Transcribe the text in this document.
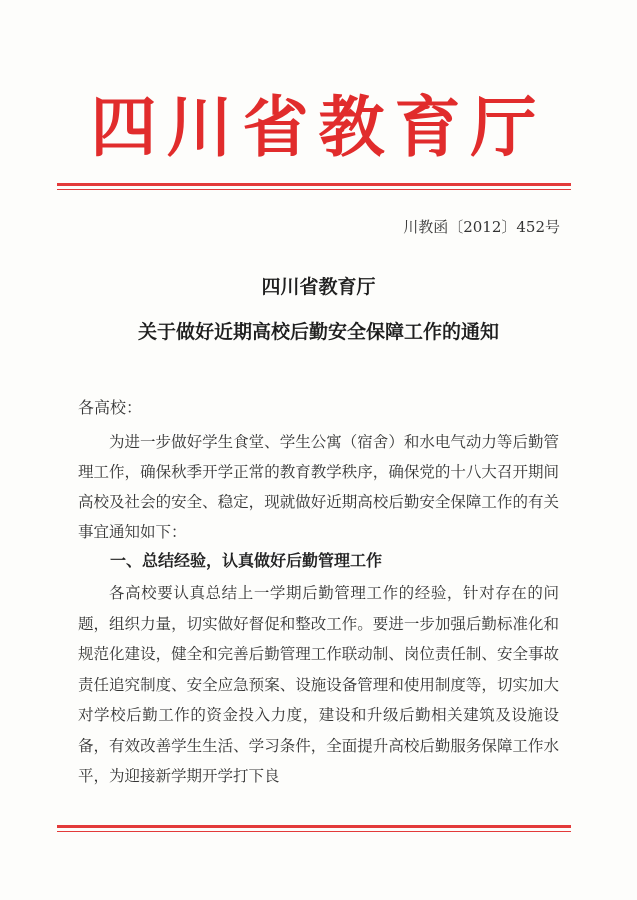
四川省教育厅
川教函〔2012〕452号
四川省教育厅
关于做好近期高校后勤安全保障工作的通知
各高校：

为进一步做好学生食堂、学生公寓（宿舍）和水电气动力等后勤管理工作，确保秋季开学正常的教育教学秩序，确保党的十八大召开期间高校及社会的安全、稳定，现就做好近期高校后勤安全保障工作的有关事宜通知如下：

一、总结经验，认真做好后勤管理工作

各高校要认真总结上一学期后勤管理工作的经验，针对存在的问题，组织力量，切实做好督促和整改工作。要进一步加强后勤标准化和规范化建设，健全和完善后勤管理工作联动制、岗位责任制、安全事故责任追究制度、安全应急预案、设施设备管理和使用制度等，切实加大对学校后勤工作的资金投入力度，建设和升级后勤相关建筑及设施设备，有效改善学生生活、学习条件，全面提升高校后勤服务保障工作水平，为迎接新学期开学打下良
